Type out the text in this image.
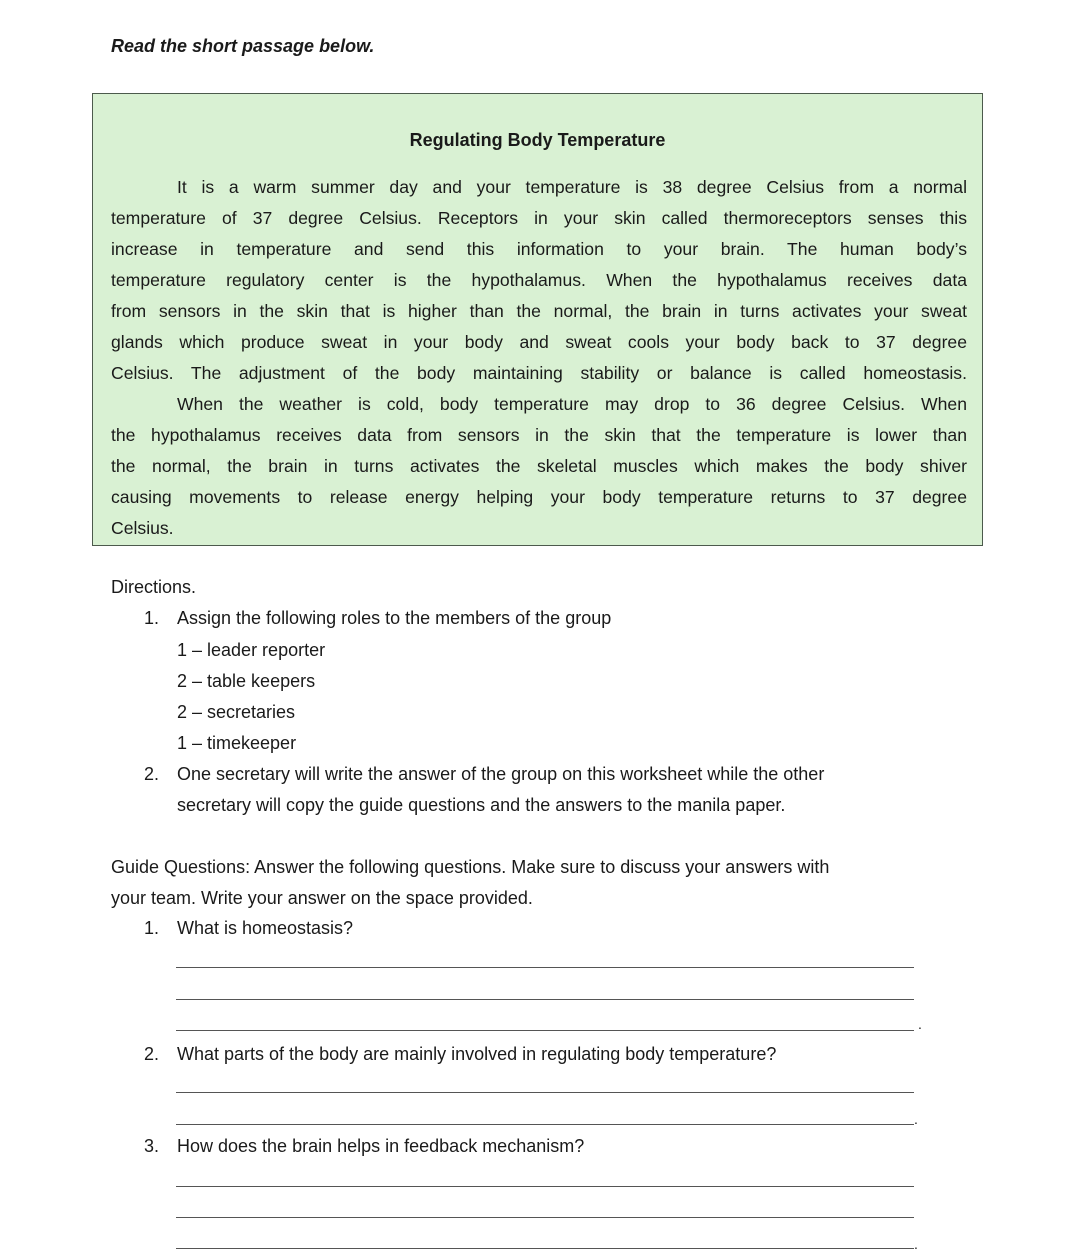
Read the short passage below.
Regulating Body Temperature
It is a warm summer day and your temperature is 38 degree Celsius from a normal
temperature of 37 degree Celsius. Receptors in your skin called thermoreceptors senses this
increase in temperature and send this information to your brain. The human body’s
temperature regulatory center is the hypothalamus. When the hypothalamus receives data
from sensors in the skin that is higher than the normal, the brain in turns activates your sweat
glands which produce sweat in your body and sweat cools your body back to 37 degree
Celsius. The adjustment of the body maintaining stability or balance is called homeostasis.
When the weather is cold, body temperature may drop to 36 degree Celsius. When
the hypothalamus receives data from sensors in the skin that the temperature is lower than
the normal, the brain in turns activates the skeletal muscles which makes the body shiver
causing movements to release energy helping your body temperature returns to 37 degree
Celsius.
Directions.
1. Assign the following roles to the members of the group
1 – leader reporter
2 – table keepers
2 – secretaries
1 – timekeeper
2. One secretary will write the answer of the group on this worksheet while the other
secretary will copy the guide questions and the answers to the manila paper.
Guide Questions: Answer the following questions. Make sure to discuss your answers with
your team. Write your answer on the space provided.
1. What is homeostasis?
.
2. What parts of the body are mainly involved in regulating body temperature?
.
3. How does the brain helps in feedback mechanism?
.
